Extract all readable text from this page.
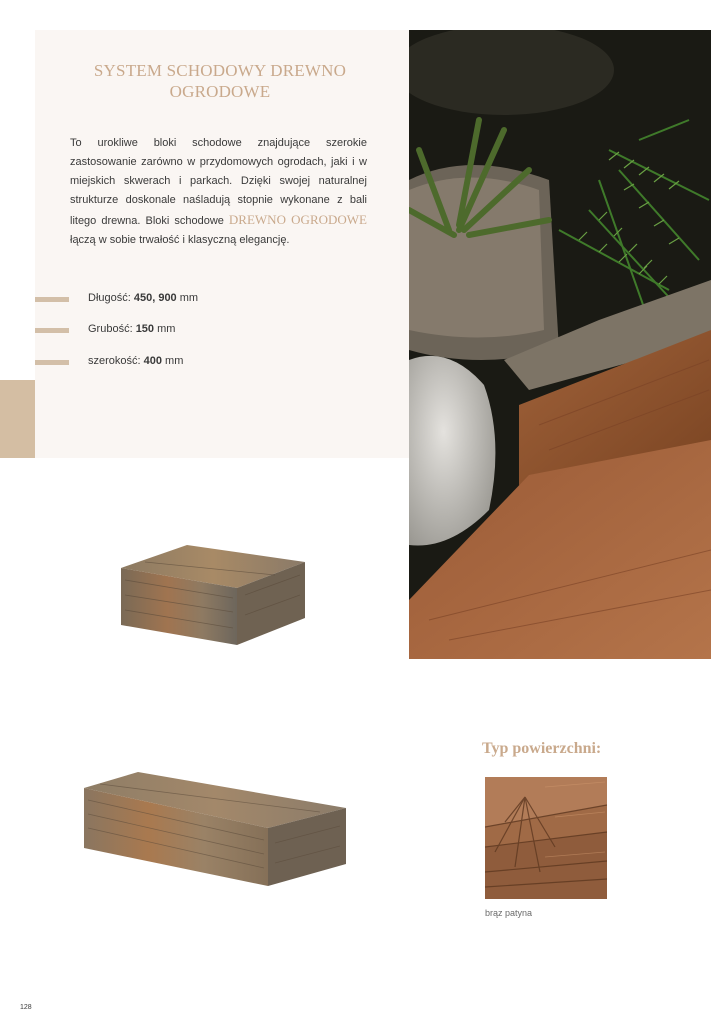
SYSTEM SCHODOWY DREWNO
OGRODOWE

To urokliwe bloki schodowe znajdujące szerokie zastosowanie zarówno w przydomowych ogrodach, jaki i w miejskich skwerach i parkach. Dzięki swojej naturalnej strukturze doskonale naśladują stopnie wykonane z bali litego drewna. Bloki schodowe DREWNO OGRODOWE łączą w sobie trwałość i klasyczną elegancję.

Długość: 450, 900 mm
Grubość: 150 mm
szerokość: 400 mm
Typ powierzchni:
brąz patyna
128
